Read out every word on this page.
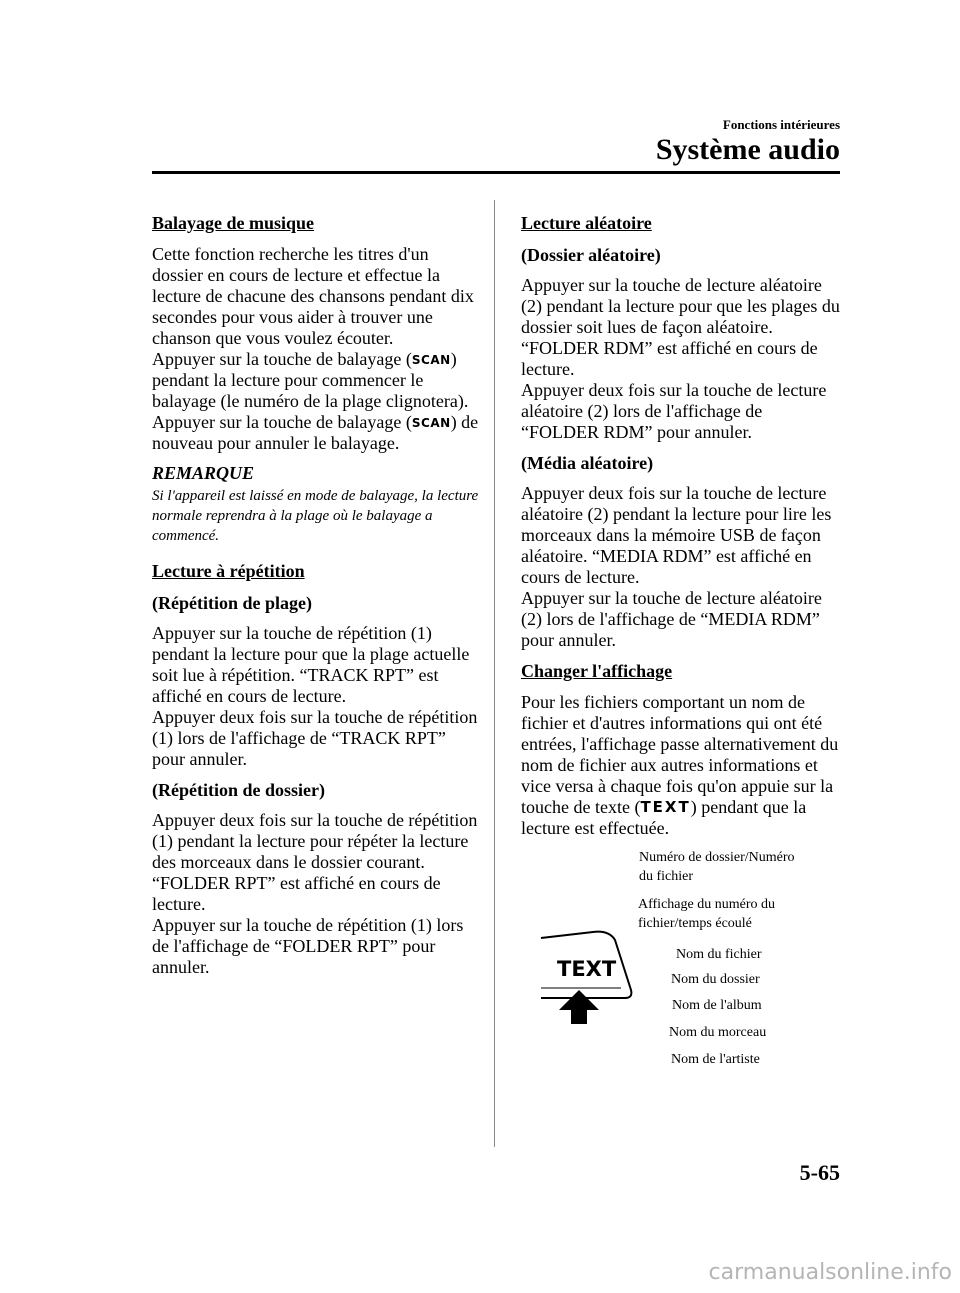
Fonctions intérieures
Système audio
Balayage de musique

Cette fonction recherche les titres d'un dossier en cours de lecture et effectue la lecture de chacune des chansons pendant dix secondes pour vous aider à trouver une chanson que vous voulez écouter.

Appuyer sur la touche de balayage (SCAN) pendant la lecture pour commencer le balayage (le numéro de la plage clignotera). Appuyer sur la touche de balayage (SCAN) de nouveau pour annuler le balayage.

REMARQUE
Si l'appareil est laissé en mode de balayage, la lecture normale reprendra à la plage où le balayage a commencé.
Lecture à répétition
(Répétition de plage)

Appuyer sur la touche de répétition (1) pendant la lecture pour que la plage actuelle soit lue à répétition. “TRACK RPT” est affiché en cours de lecture.

Appuyer deux fois sur la touche de répétition (1) lors de l'affichage de “TRACK RPT” pour annuler.

(Répétition de dossier)

Appuyer deux fois sur la touche de répétition (1) pendant la lecture pour répéter la lecture des morceaux dans le dossier courant. “FOLDER RPT” est affiché en cours de lecture.

Appuyer sur la touche de répétition (1) lors de l'affichage de “FOLDER RPT” pour annuler.

Lecture aléatoire
(Dossier aléatoire)

Appuyer sur la touche de lecture aléatoire (2) pendant la lecture pour que les plages du dossier soit lues de façon aléatoire. “FOLDER RDM” est affiché en cours de lecture.

Appuyer deux fois sur la touche de lecture aléatoire (2) lors de l'affichage de “FOLDER RDM” pour annuler.

(Média aléatoire)

Appuyer deux fois sur la touche de lecture aléatoire (2) pendant la lecture pour lire les morceaux dans la mémoire USB de façon aléatoire. “MEDIA RDM” est affiché en cours de lecture.

Appuyer sur la touche de lecture aléatoire (2) lors de l'affichage de “MEDIA RDM” pour annuler.

Changer l'affichage

Pour les fichiers comportant un nom de fichier et d'autres informations qui ont été entrées, l'affichage passe alternativement du nom de fichier aux autres informations et vice versa à chaque fois qu'on appuie sur la touche de texte (TEXT) pendant que la lecture est effectuée.

TEXT
Numéro de dossier/Numéro
du fichier
Affichage du numéro du
fichier/temps écoulé
Nom du fichier
Nom du dossier
Nom de l'album
Nom du morceau
Nom de l'artiste
5-65
carmanualsonline.info
